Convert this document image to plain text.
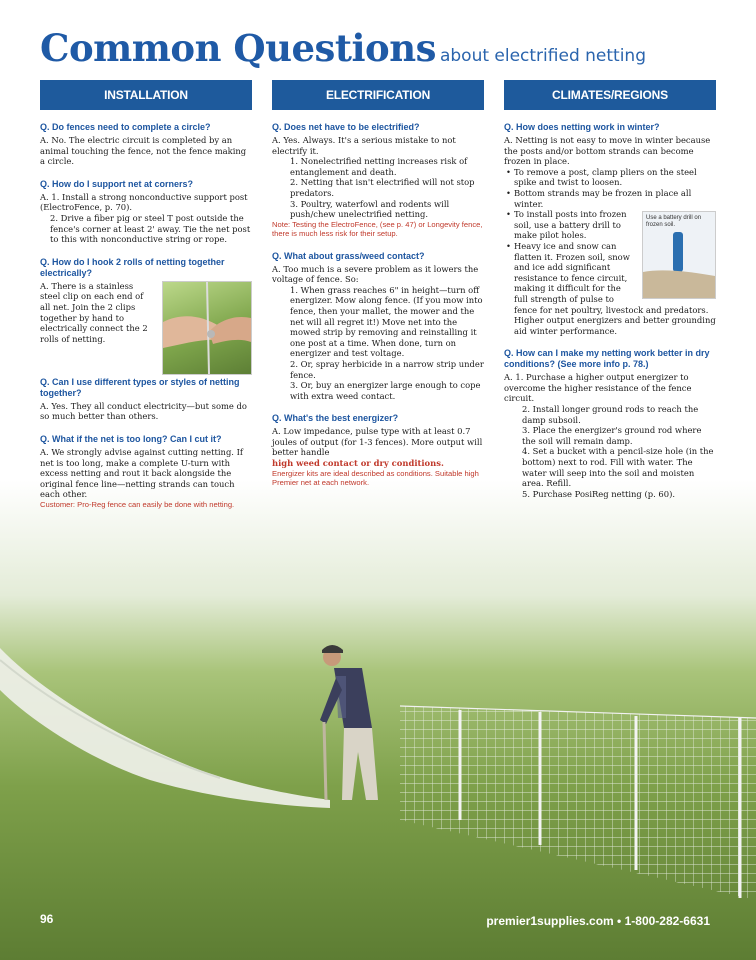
Common Questions about electrified netting
INSTALLATION
Q. Do fences need to complete a circle?
A. No. The electric circuit is completed by an animal touching the fence, not the fence making a circle.
Q. How do I support net at corners?
A. 1. Install a strong nonconductive support post (ElectroFence, p. 70).
2. Drive a fiber pig or steel T post outside the fence's corner at least 2' away. Tie the net post to this with nonconductive string or rope.
Q. How do I hook 2 rolls of netting together electrically?
A. There is a stainless steel clip on each end of all net. Join the 2 clips together by hand to electrically connect the 2 rolls of netting.
Q. Can I use different types or styles of netting together?
A. Yes. They all conduct electricity—but some do so much better than others.
Q. What if the net is too long? Can I cut it?
A. We strongly advise against cutting netting. If net is too long, make a complete U-turn with excess netting and rout it back alongside the original fence line—netting strands can touch each other.
Customer: Pro-Reg fence can easily be done with netting.
ELECTRIFICATION
Q. Does net have to be electrified?
A. Yes. Always. It's a serious mistake to not electrify it.
1. Nonelectrified netting increases risk of entanglement and death.
2. Netting that isn't electrified will not stop predators.
3. Poultry, waterfowl and rodents will push/chew unelectrified netting.
Note: Testing the ElectroFence, (see p. 47) or Longevity fence, there is much less risk for their setup.
Q. What about grass/weed contact?
A. Too much is a severe problem as it lowers the voltage of fence. So:
1. When grass reaches 6" in height—turn off energizer. Mow along fence. (If you mow into fence, then your mallet, the mower and the net will all regret it!) Move net into the mowed strip by removing and reinstalling it one post at a time. When done, turn on energizer and test voltage.
2. Or, spray herbicide in a narrow strip under fence.
3. Or, buy an energizer large enough to cope with extra weed contact.
Q. What's the best energizer?
A. Low impedance, pulse type with at least 0.7 joules of output (for 1-3 fences). More output will better handle
high weed contact or dry conditions.
Energizer kits are ideal described as conditions. Suitable high Premier net at each network.
CLIMATES/REGIONS
Q. How does netting work in winter?
A. Netting is not easy to move in winter because the posts and/or bottom strands can become frozen in place.
• To remove a post, clamp pliers on the steel spike and twist to loosen.
• Bottom strands may be frozen in place all winter.
Use a battery drill on frozen soil.
• To install posts into frozen soil, use a battery drill to make pilot holes.
• Heavy ice and snow can flatten it. Frozen soil, snow and ice add significant resistance to fence circuit, making it difficult for the full strength of pulse to fence for net poultry, livestock and predators. Higher output energizers and better grounding aid winter performance.
Q. How can I make my netting work better in dry conditions? (See more info p. 78.)
A. 1. Purchase a higher output energizer to overcome the higher resistance of the fence circuit.
2. Install longer ground rods to reach the damp subsoil.
3. Place the energizer's ground rod where the soil will remain damp.
4. Set a bucket with a pencil-size hole (in the bottom) next to rod. Fill with water. The water will seep into the soil and moisten area. Refill.
5. Purchase PosiReg netting (p. 60).
96	premier1supplies.com • 1-800-282-6631
